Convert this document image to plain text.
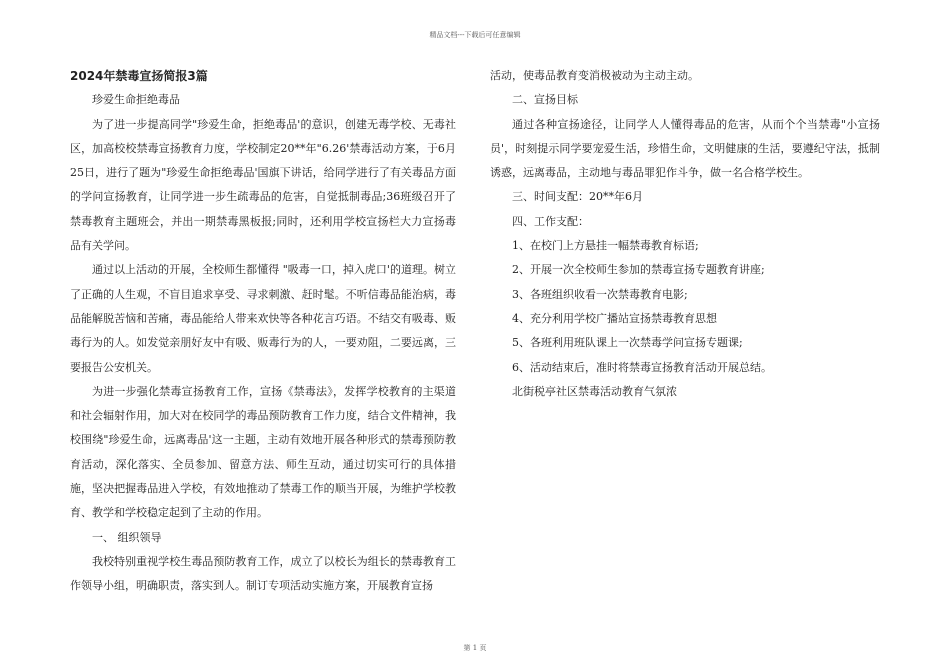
精品文档---下载后可任意编辑

2024年禁毒宣扬简报3篇

珍爱生命拒绝毒品

为了进一步提高同学"珍爱生命，拒绝毒品'的意识，创建无毒学校、无毒社区，加高校校禁毒宣扬教育力度，学校制定20**年"6.26'禁毒活动方案，于6月25日，进行了题为"珍爱生命拒绝毒品'国旗下讲话，给同学进行了有关毒品方面的学问宣扬教育，让同学进一步生疏毒品的危害，自觉抵制毒品;36班级召开了禁毒教育主题班会，并出一期禁毒黑板报;同时，还利用学校宣扬栏大力宣扬毒品有关学问。

通过以上活动的开展，全校师生都懂得 "吸毒一口，掉入虎口'的道理。树立了正确的人生观，不盲目追求享受、寻求刺激、赶时髦。不听信毒品能治病，毒品能解脱苦恼和苦痛，毒品能给人带来欢快等各种花言巧语。不结交有吸毒、贩毒行为的人。如发觉亲朋好友中有吸、贩毒行为的人，一要劝阻，二要远离，三要报告公安机关。

为进一步强化禁毒宣扬教育工作，宣扬《禁毒法》，发挥学校教育的主渠道和社会辐射作用，加大对在校同学的毒品预防教育工作力度，结合文件精神，我校围绕"珍爱生命，远离毒品'这一主题，主动有效地开展各种形式的禁毒预防教育活动，深化落实、全员参加、留意方法、师生互动，通过切实可行的具体措施，坚决把握毒品进入学校，有效地推动了禁毒工作的顺当开展，为维护学校教育、教学和学校稳定起到了主动的作用。

一、 组织领导

我校特别重视学校生毒品预防教育工作，成立了以校长为组长的禁毒教育工作领导小组，明确职责，落实到人。制订专项活动实施方案，开展教育宣扬

活动，使毒品教育变消极被动为主动主动。

二、宣扬目标

通过各种宣扬途径，让同学人人懂得毒品的危害，从而个个当禁毒"小宣扬员'，时刻提示同学要宠爱生活，珍惜生命，文明健康的生活，要遵纪守法，抵制诱惑，远离毒品，主动地与毒品罪犯作斗争，做一名合格学校生。

三、时间支配：20**年6月

四、工作支配：

1、在校门上方悬挂一幅禁毒教育标语;

2、开展一次全校师生参加的禁毒宣扬专题教育讲座;

3、各班组织收看一次禁毒教育电影;

4、充分利用学校广播站宣扬禁毒教育思想

5、各班利用班队课上一次禁毒学问宣扬专题课;

6、活动结束后，准时将禁毒宣扬教育活动开展总结。

北街税亭社区禁毒活动教育气氛浓

第 1 页
